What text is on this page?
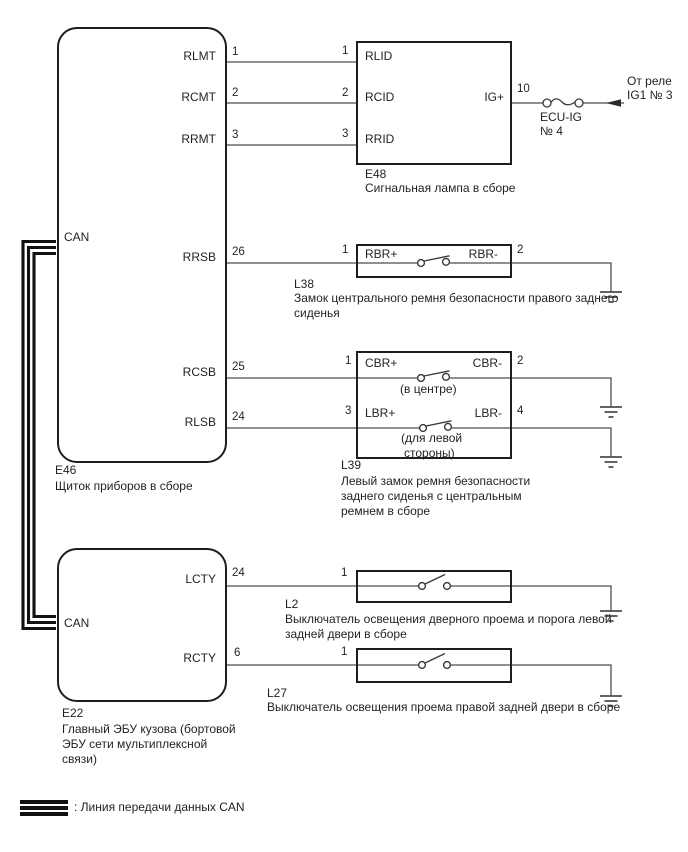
CAN
RLMT
RCMT
RRMT
RRSB
RCSB
RLSB
1
2
3
26
25
24
E46
Щиток приборов в сборе
RLID
RCID
RRID
1
2
3
IG+
10
E48
Сигнальная лампа в сборе
ECU-IG
№ 4
От реле
IG1 № 3
RBR+	RBR-
1	2
L38
Замок центрального ремня безопасности правого заднего
сиденья
CBR+	CBR-
1	2
(в центре)
LBR+	LBR-
3	4
(для левой
стороны)
L39
Левый замок ремня безопасности
заднего сиденья с центральным
ремнем в сборе
LCTY 24
CAN
RCTY 6
E22
Главный ЭБУ кузова (бортовой
ЭБУ сети мультиплексной
связи)
1
L2
Выключатель освещения дверного проема и порога левой
задней двери в сборе
1
L27
Выключатель освещения проема правой задней двери в сборе
: Линия передачи данных CAN
